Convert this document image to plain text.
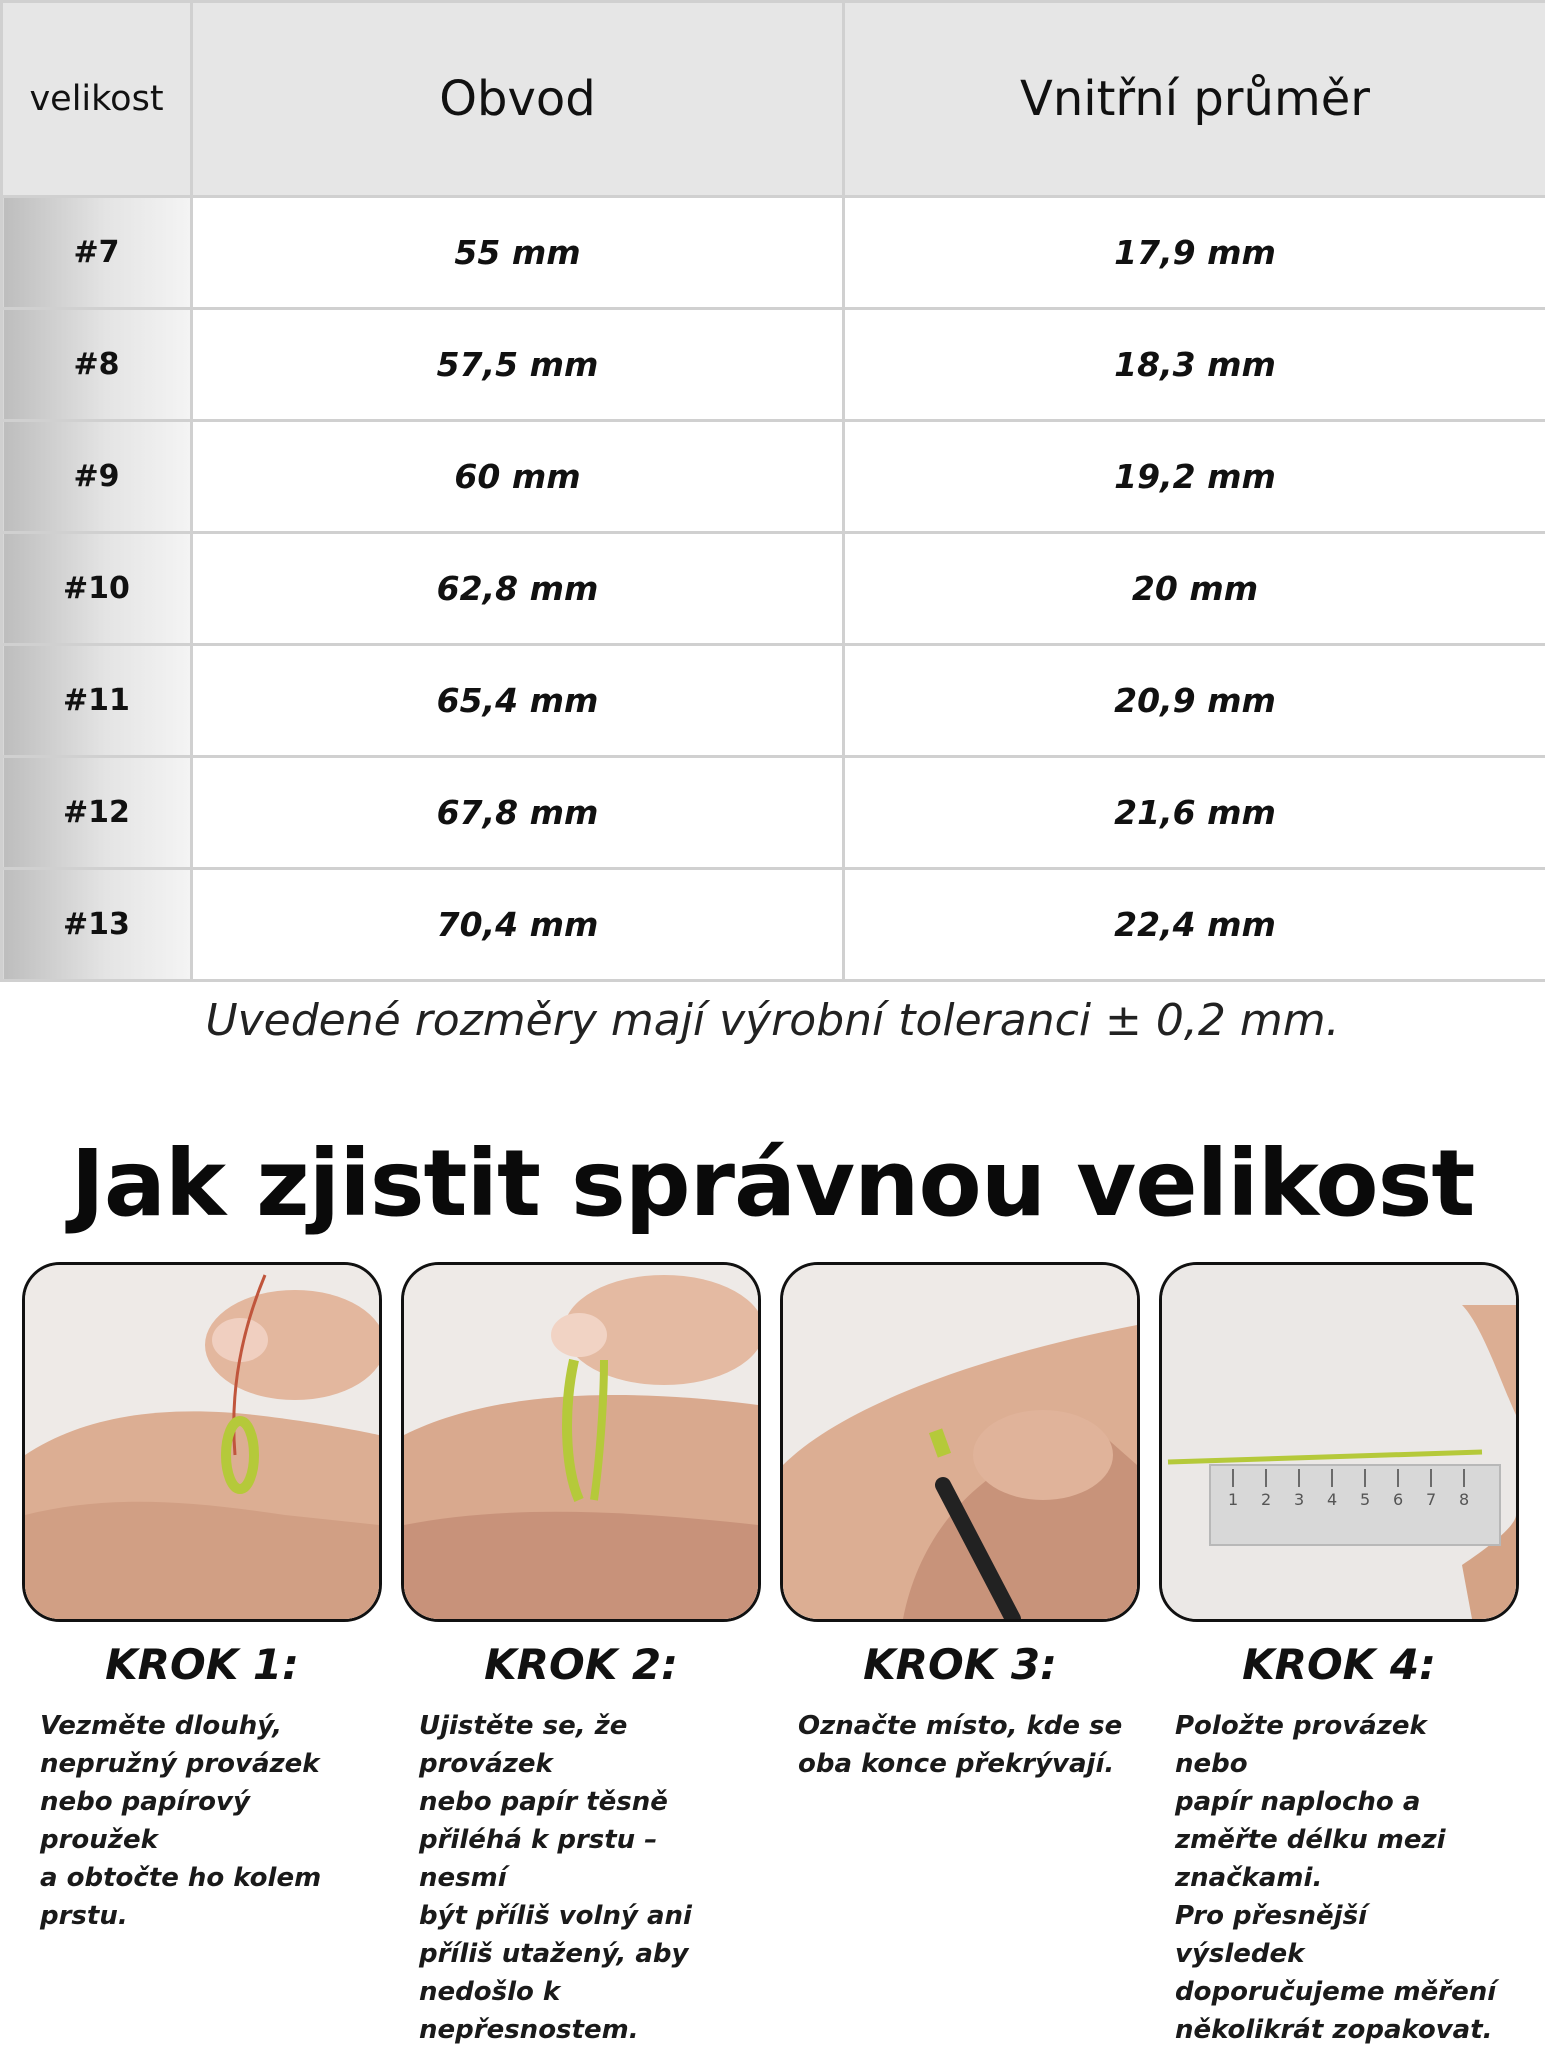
velikost	Obvod	Vnitřní průměr
#7	55 mm	17,9 mm
#8	57,5 mm	18,3 mm
#9	60 mm	19,2 mm
#10	62,8 mm	20 mm
#11	65,4 mm	20,9 mm
#12	67,8 mm	21,6 mm
#13	70,4 mm	22,4 mm
Uvedené rozměry mají výrobní toleranci ± 0,2 mm.
Jak zjistit správnou velikost
KROK 1:
Vezměte dlouhý,
nepružný provázek
nebo papírový proužek
a obtočte ho kolem
prstu.
KROK 2:
Ujistěte se, že provázek
nebo papír těsně
přiléhá k prstu – nesmí
být příliš volný ani
příliš utažený, aby
nedošlo k
nepřesnostem.
KROK 3:
Označte místo, kde se
oba konce překrývají.
1 2 3 4 5 6 7 8
KROK 4:
Položte provázek nebo
papír naplocho a
změřte délku mezi
značkami.
Pro přesnější výsledek
doporučujeme měření
několikrát zopakovat.
